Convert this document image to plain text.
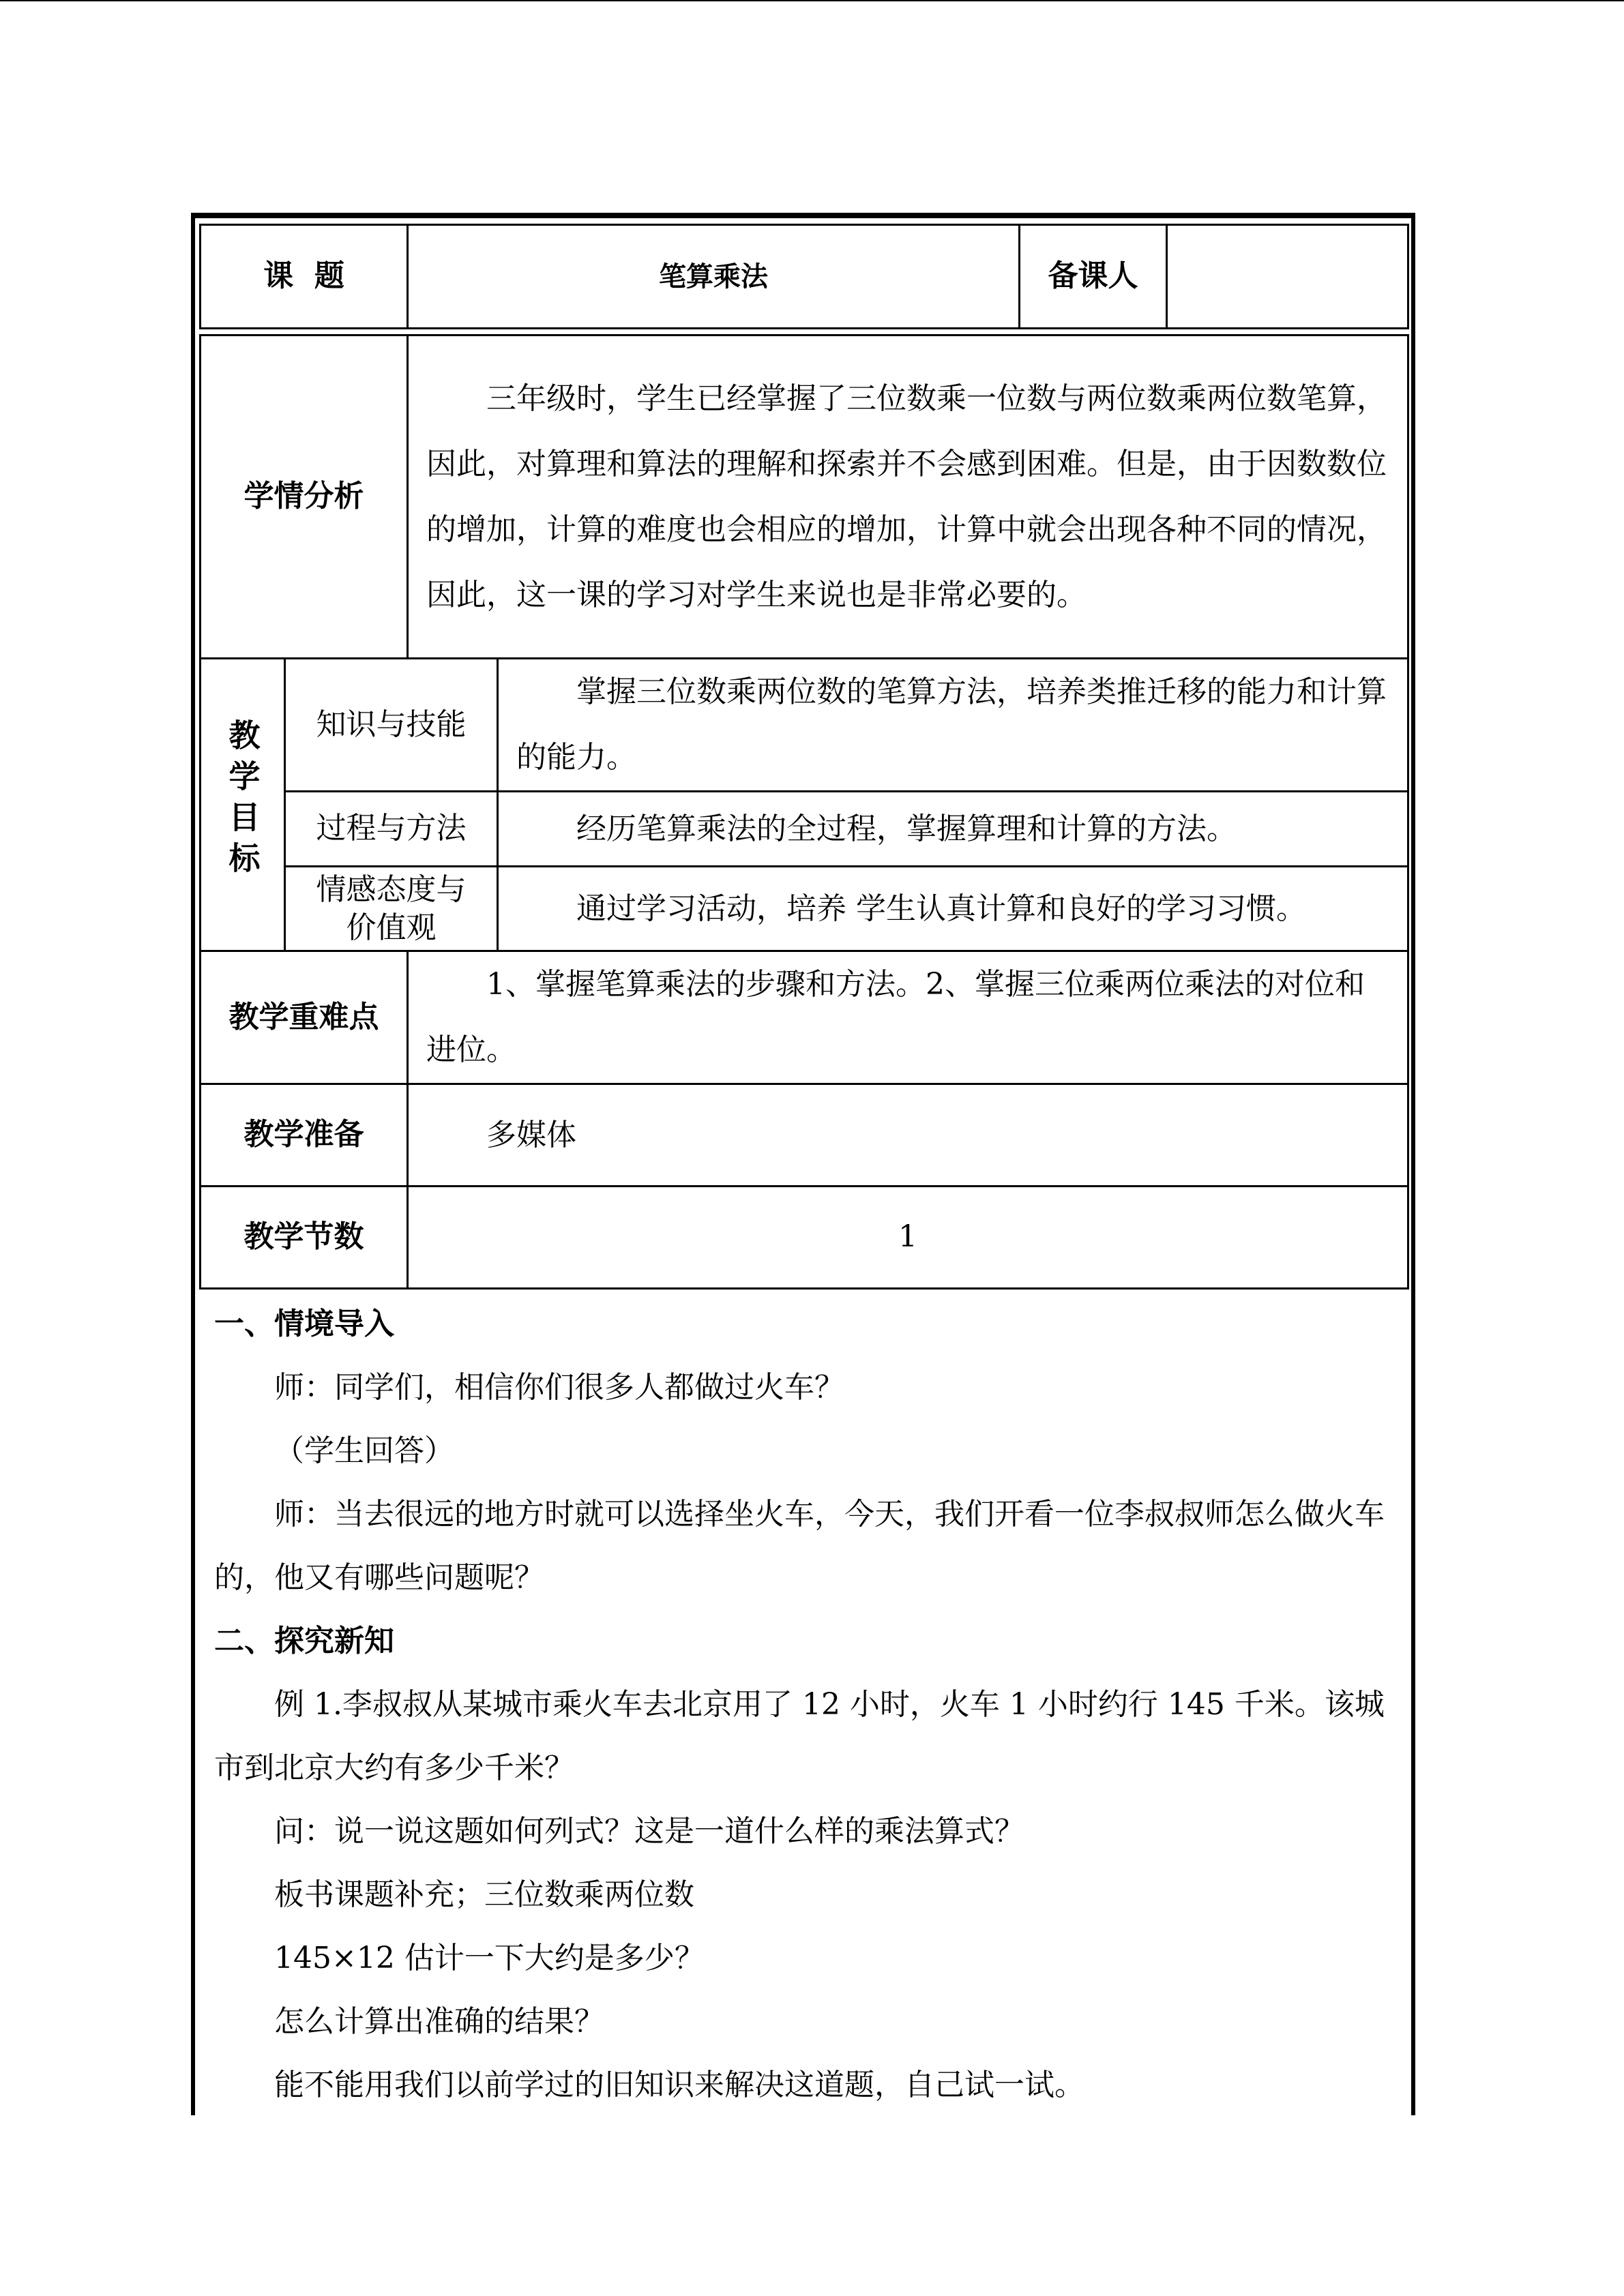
课  题		笔算乘法		备课人	

学情分析		三年级时，学生已经掌握了三位数乘一位数与两位数乘两位数笔算，因此，对算理和算法的理解和探索并不会感到困难。但是，由于因数数位的增加，计算的难度也会相应的增加，计算中就会出现各种不同的情况，因此，这一课的学习对学生来说也是非常必要的。			
教学目标	知识与技能		掌握三位数乘两位数的笔算方法，培养类推迁移的能力和计算的能力。		
	过程与方法		经历笔算乘法的全过程，掌握算理和计算的方法。		
	情感态度与价值观		通过学习活动，培养 学生认真计算和良好的学习习惯。		
教学重难点		1、掌握笔算乘法的步骤和方法。2、掌握三位乘两位乘法的对位和进位。			
教学准备		多媒体			
教学节数		1			

一、情境导入

师：同学们，相信你们很多人都做过火车？

（学生回答）

师：当去很远的地方时就可以选择坐火车，今天，我们开看一位李叔叔师怎么做火车的，他又有哪些问题呢？

二、探究新知

例 1.李叔叔从某城市乘火车去北京用了 12 小时，火车 1 小时约行 145 千米。该城市到北京大约有多少千米？

问：说一说这题如何列式？这是一道什么样的乘法算式？

板书课题补充；三位数乘两位数

145×12 估计一下大约是多少？

怎么计算出准确的结果？

能不能用我们以前学过的旧知识来解决这道题，自己试一试。
